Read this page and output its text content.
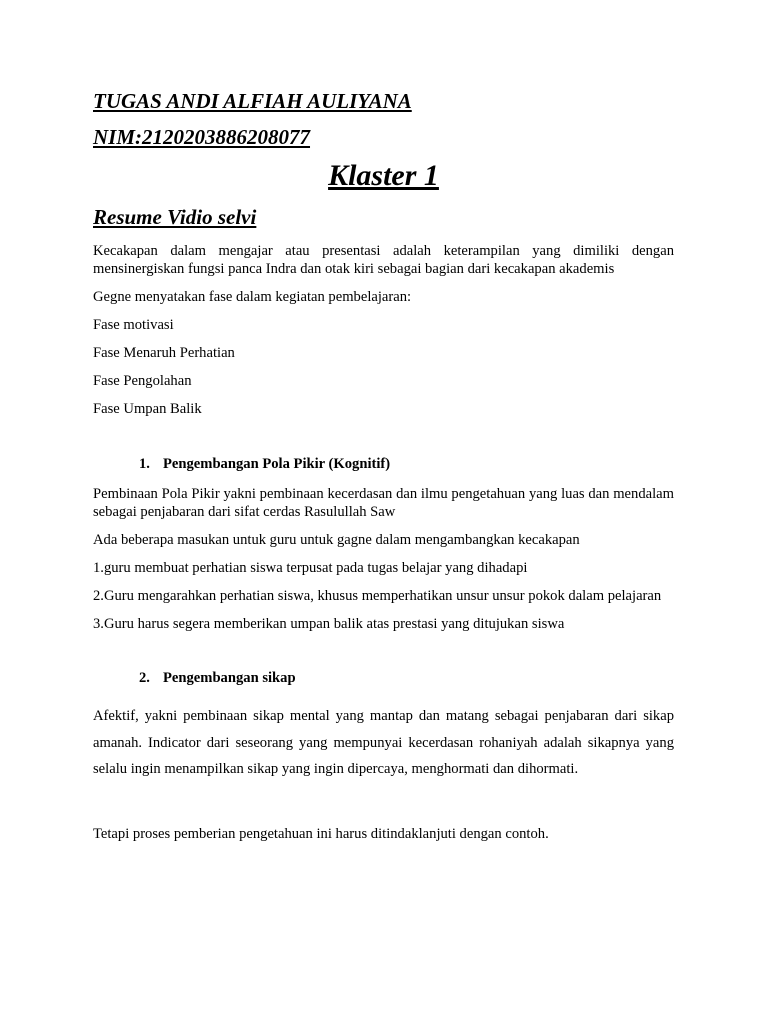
TUGAS ANDI ALFIAH AULIYANA
NIM:2120203886208077
Klaster 1
Resume Vidio selvi

Kecakapan dalam mengajar atau presentasi adalah keterampilan yang dimiliki dengan mensinergiskan fungsi panca Indra dan otak kiri sebagai bagian dari kecakapan akademis

Gegne menyatakan fase dalam kegiatan pembelajaran:

Fase motivasi

Fase Menaruh Perhatian

Fase Pengolahan

Fase Umpan Balik

1. Pengembangan Pola Pikir (Kognitif)

Pembinaan Pola Pikir yakni pembinaan kecerdasan dan ilmu pengetahuan yang luas dan mendalam sebagai penjabaran dari sifat cerdas Rasulullah Saw

Ada beberapa masukan untuk guru untuk gagne dalam mengambangkan kecakapan

1.guru membuat perhatian siswa terpusat pada tugas belajar yang dihadapi

2.Guru mengarahkan perhatian siswa, khusus memperhatikan unsur unsur pokok dalam pelajaran

3.Guru harus segera memberikan umpan balik atas prestasi yang ditujukan siswa

2. Pengembangan sikap

Afektif, yakni pembinaan sikap mental yang mantap dan matang sebagai penjabaran dari sikap amanah. Indicator dari seseorang yang mempunyai kecerdasan rohaniyah adalah sikapnya yang selalu ingin menampilkan sikap yang ingin dipercaya, menghormati dan dihormati.

Tetapi proses pemberian pengetahuan ini harus ditindaklanjuti dengan contoh.
